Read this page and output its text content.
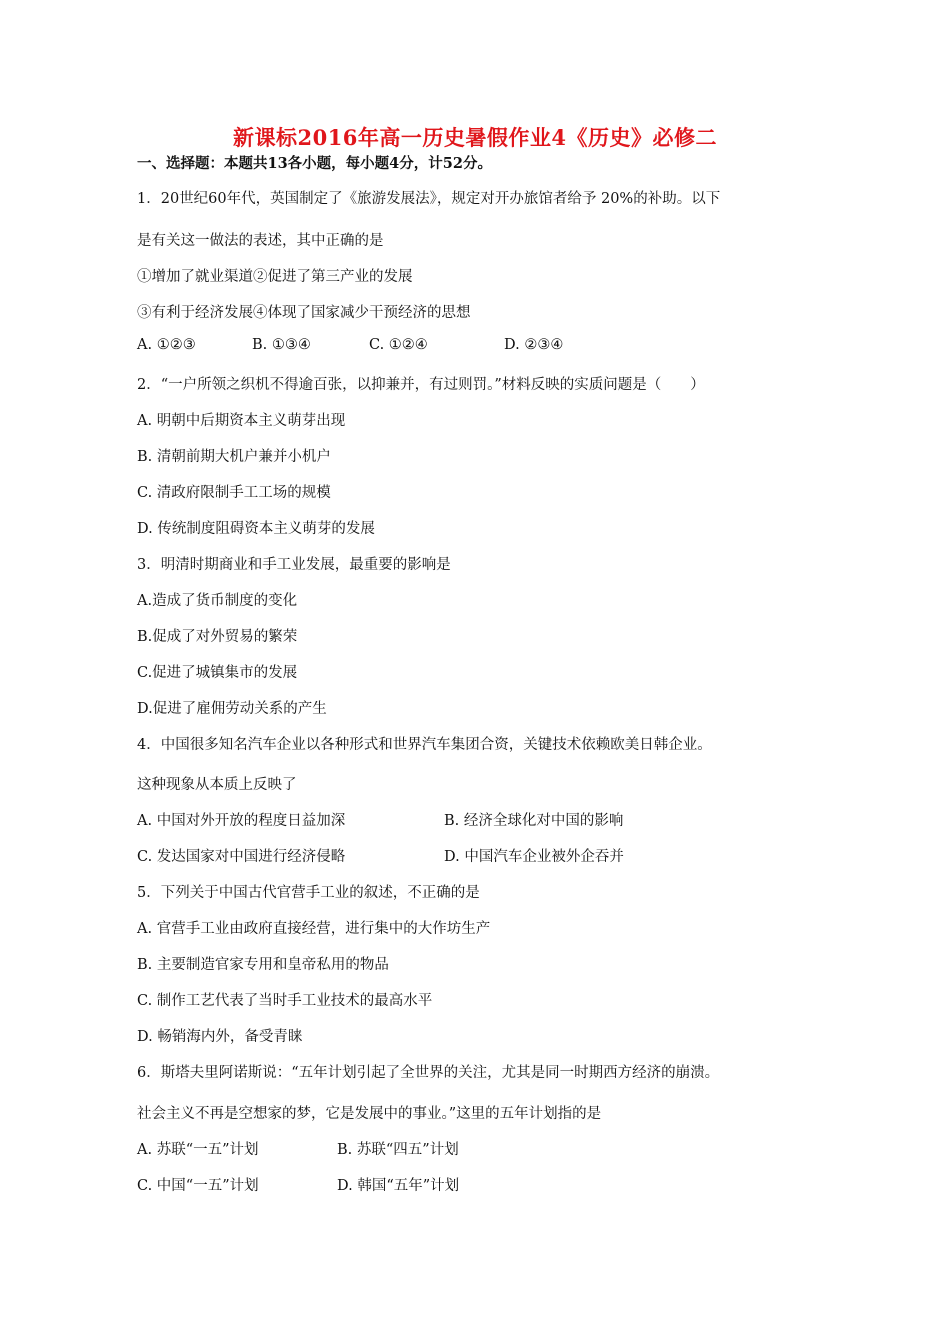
新课标2016年高一历史暑假作业4《历史》必修二
一、选择题：本题共13各小题，每小题4分，计52分。
1．20世纪60年代，英国制定了《旅游发展法》，规定对开办旅馆者给予 20%的补助。以下
是有关这一做法的表述，其中正确的是
①增加了就业渠道②促进了第三产业的发展
③有利于经济发展④体现了国家减少干预经济的思想
A. ①②③	B. ①③④	C. ①②④	D. ②③④
2．“一户所领之织机不得逾百张，以抑兼并，有过则罚。”材料反映的实质问题是（　　）
A. 明朝中后期资本主义萌芽出现
B. 清朝前期大机户兼并小机户
C. 清政府限制手工工场的规模
D. 传统制度阻碍资本主义萌芽的发展
3．明清时期商业和手工业发展，最重要的影响是
A.造成了货币制度的变化
B.促成了对外贸易的繁荣
C.促进了城镇集市的发展
D.促进了雇佣劳动关系的产生
4．中国很多知名汽车企业以各种形式和世界汽车集团合资，关键技术依赖欧美日韩企业。
这种现象从本质上反映了
A. 中国对外开放的程度日益加深	B. 经济全球化对中国的影响
C. 发达国家对中国进行经济侵略	D. 中国汽车企业被外企吞并
5．下列关于中国古代官营手工业的叙述，不正确的是
A. 官营手工业由政府直接经营，进行集中的大作坊生产
B. 主要制造官家专用和皇帝私用的物品
C. 制作工艺代表了当时手工业技术的最高水平
D. 畅销海内外，备受青睐
6．斯塔夫里阿诺斯说：“五年计划引起了全世界的关注，尤其是同一时期西方经济的崩溃。
社会主义不再是空想家的梦，它是发展中的事业。”这里的五年计划指的是
A. 苏联“一五”计划	B. 苏联“四五”计划
C. 中国“一五”计划	D. 韩国“五年”计划
